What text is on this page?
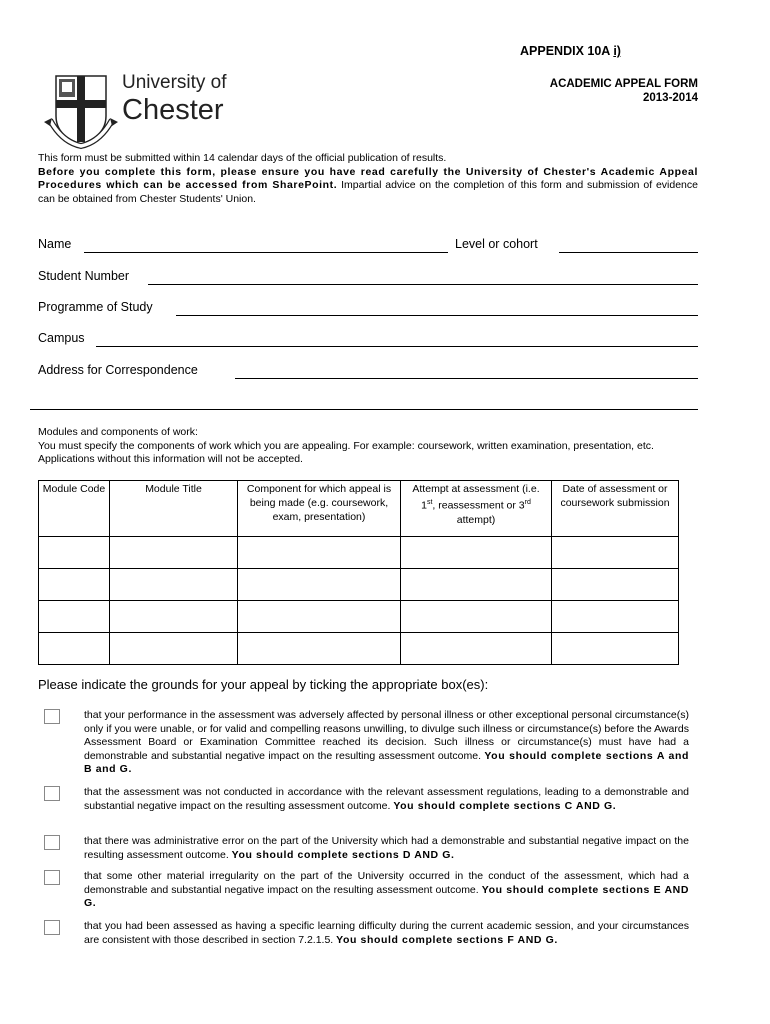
APPENDIX 10A i)
ACADEMIC APPEAL FORM
2013-2014
University of
Chester
This form must be submitted within 14 calendar days of the official publication of results.
Before you complete this form, please ensure you have read carefully the University of Chester's Academic Appeal Procedures which can be accessed from SharePoint. Impartial advice on the completion of this form and submission of evidence can be obtained from Chester Students' Union.
Name	Level or cohort
Student Number
Programme of Study
Campus
Address for Correspondence
Modules and components of work:
You must specify the components of work which you are appealing. For example: coursework, written examination, presentation, etc. Applications without this information will not be accepted.
Module Code	Module Title	Component for which appeal is being made (e.g. coursework, exam, presentation)	Attempt at assessment (i.e. 1st, reassessment or 3rd attempt)	Date of assessment or coursework submission

Please indicate the grounds for your appeal by ticking the appropriate box(es):
that your performance in the assessment was adversely affected by personal illness or other exceptional personal circumstance(s) only if you were unable, or for valid and compelling reasons unwilling, to divulge such illness or circumstance(s) before the Awards Assessment Board or Examination Committee reached its decision. Such illness or circumstance(s) must have had a demonstrable and substantial negative impact on the resulting assessment outcome. You should complete sections A and B and G.
that the assessment was not conducted in accordance with the relevant assessment regulations, leading to a demonstrable and substantial negative impact on the resulting assessment outcome. You should complete sections C AND G.
that there was administrative error on the part of the University which had a demonstrable and substantial negative impact on the resulting assessment outcome. You should complete sections D AND G.
that some other material irregularity on the part of the University occurred in the conduct of the assessment, which had a demonstrable and substantial negative impact on the resulting assessment outcome. You should complete sections E AND G.
that you had been assessed as having a specific learning difficulty during the current academic session, and your circumstances are consistent with those described in section 7.2.1.5. You should complete sections F AND G.
